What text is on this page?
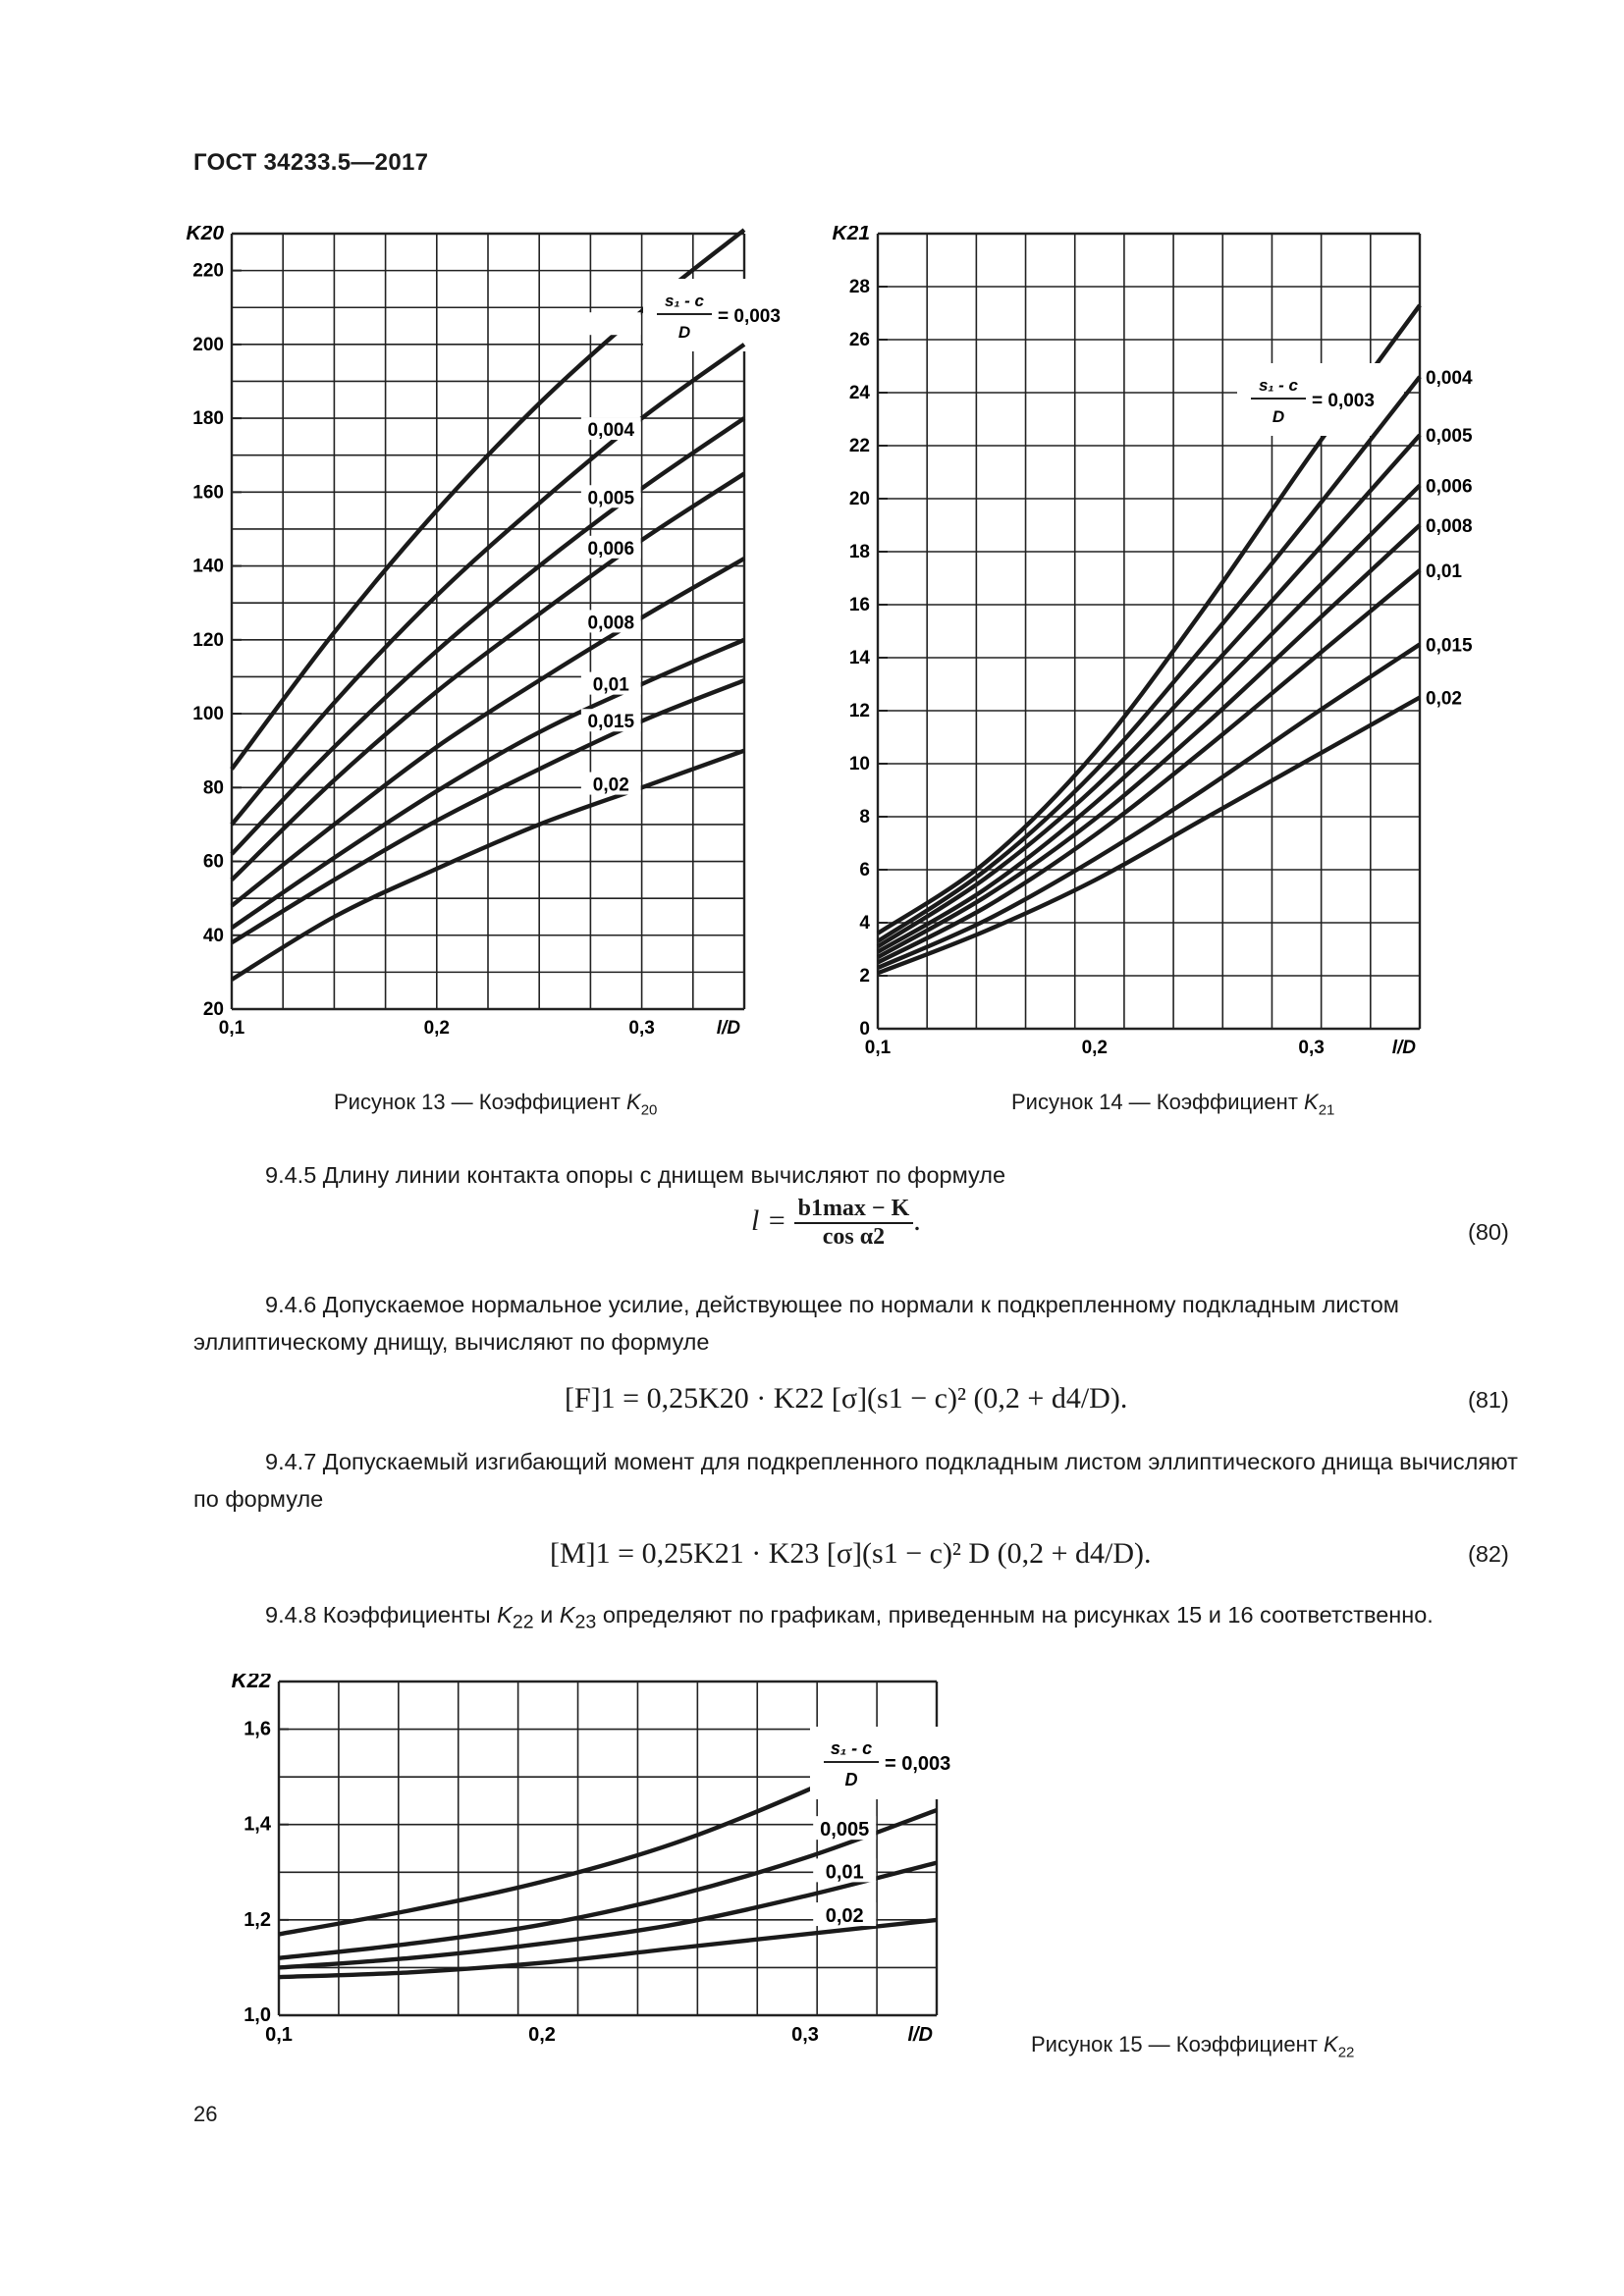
ГОСТ 34233.5—2017
20
40
60
80
100
120
140
160
180
200
220
0,1	0,2	0,3
K20
l/D
s₁ - c
D
= 0,003
0,004
0,005
0,006
0,008
0,01
0,015
0,02
Рисунок 13 — Коэффициент $K_{20}$
0
2
4
6
8
10
12
14
16
18
20
22
24
26
28
0,1	0,2	0,3
K21
l/D
s₁ - c
D
= 0,003
0,004
0,005
0,006
0,008
0,01
0,015
0,02
Рисунок 14 — Коэффициент $K_{21}$
9.4.5 Длину линии контакта опоры с днищем вычисляют по формуле
$l = \frac{b1\max - K}{\text{cos α2}}$ .	(80)
9.4.6 Допускаемое нормальное усилие, действующее по нормали к подкрепленному подкладным листом эллиптическому днищу, вычисляют по формуле
[F]1 = 0,25K20 · K22 [σ](s1 − c)² (0,2 + d4/D).	(81)
9.4.7 Допускаемый изгибающий момент для подкрепленного подкладным листом эллиптического днища вычисляют по формуле
[M]1 = 0,25K21 · K23 [σ](s1 − c)² D (0,2 + d4/D).	(82)
9.4.8 Коэффициенты $K_{22}$ и $K_{23}$ определяют по графикам, приведенным на рисунках 15 и 16 соответственно.
1,0
1,2
1,4
1,6
0,1	0,2	0,3
K22
l/D
s₁ - c
D
= 0,003
0,005
0,01
0,02
Рисунок 15 — Коэффициент $K_{22}$
26
